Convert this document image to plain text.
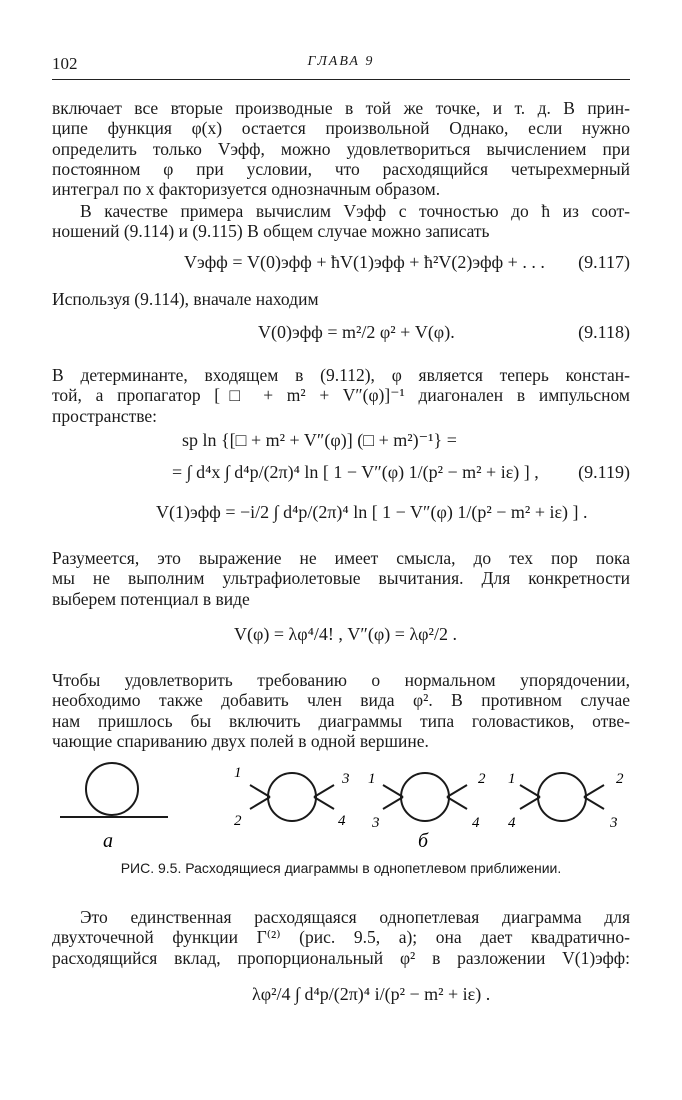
102	ГЛАВА 9
включает все вторые производные в той же точке, и т. д. В прин-
ципе функция φ(x) остается произвольной Однако, если нужно
определить только Vэфф, можно удовлетвориться вычислением при
постоянном φ при условии, что расходящийся четырехмерный
интеграл по x факторизуется однозначным образом.
В качестве примера вычислим Vэфф с точностью до ħ из соот-
ношений (9.114) и (9.115) В общем случае можно записать
Vэфф = V(0)эфф + ħV(1)эфф + ħ²V(2)эфф + . . . (9.117)
Используя (9.114), вначале находим
V(0)эфф = m²/2 φ² + V(φ).	(9.118)
В детерминанте, входящем в (9.112), φ является теперь констан-
той, а пропагатор [□ + m² + V″(φ)]⁻¹ диагонален в импульсном
пространстве:
sp ln {[□ + m² + V″(φ)] (□ + m²)⁻¹} =
= ∫ d⁴x ∫ d⁴p/(2π)⁴ ln [ 1 − V″(φ) 1/(p² − m² + iε) ] ,
V(1)эфф = −i/2 ∫ d⁴p/(2π)⁴ ln [ 1 − V″(φ) 1/(p² − m² + iε) ] .
(9.119)
Разумеется, это выражение не имеет смысла, до тех пор пока
мы не выполним ультрафиолетовые вычитания. Для конкретности
выберем потенциал в виде
V(φ) = λφ⁴/4! , V″(φ) = λφ²/2 .
Чтобы удовлетворить требованию о нормальном упорядочении,
необходимо также добавить член вида φ². В противном случае
нам пришлось бы включить диаграммы типа головастиков, отве-
чающие спариванию двух полей в одной вершине.
a
1
2
3
4
1
3
2
4
б
1
4
2
3
РИС. 9.5. Расходящиеся диаграммы в однопетлевом приближении.
Это единственная расходящаяся однопетлевая диаграмма для
двухточечной функции Γ⁽²⁾ (рис. 9.5, а); она дает квадратично-
расходящийся вклад, пропорциональный φ² в разложении V(1)эфф:
λφ²/4 ∫ d⁴p/(2π)⁴ i/(p² − m² + iε) .
